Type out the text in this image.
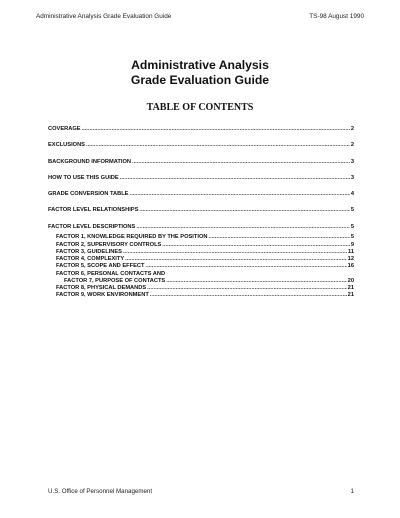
Administrative Analysis Grade Evaluation Guide	TS-98 August 1990
Administrative Analysis
Grade Evaluation Guide
TABLE OF CONTENTS
COVERAGE .....	2
EXCLUSIONS .....	2
BACKGROUND INFORMATION .....	3
HOW TO USE THIS GUIDE .....	3
GRADE CONVERSION TABLE .....	4
FACTOR LEVEL RELATIONSHIPS .....	5
FACTOR LEVEL DESCRIPTIONS .....	5
FACTOR 1, KNOWLEDGE REQUIRED BY THE POSITION .....	5
FACTOR 2, SUPERVISORY CONTROLS .....	9
FACTOR 3, GUIDELINES .....	11
FACTOR 4, COMPLEXITY .....	12
FACTOR 5, SCOPE AND EFFECT .....	16
FACTOR 6, PERSONAL CONTACTS AND
FACTOR 7, PURPOSE OF CONTACTS .....	20
FACTOR 8, PHYSICAL DEMANDS .....	21
FACTOR 9, WORK ENVIRONMENT .....	21
U.S. Office of Personnel Management	1
